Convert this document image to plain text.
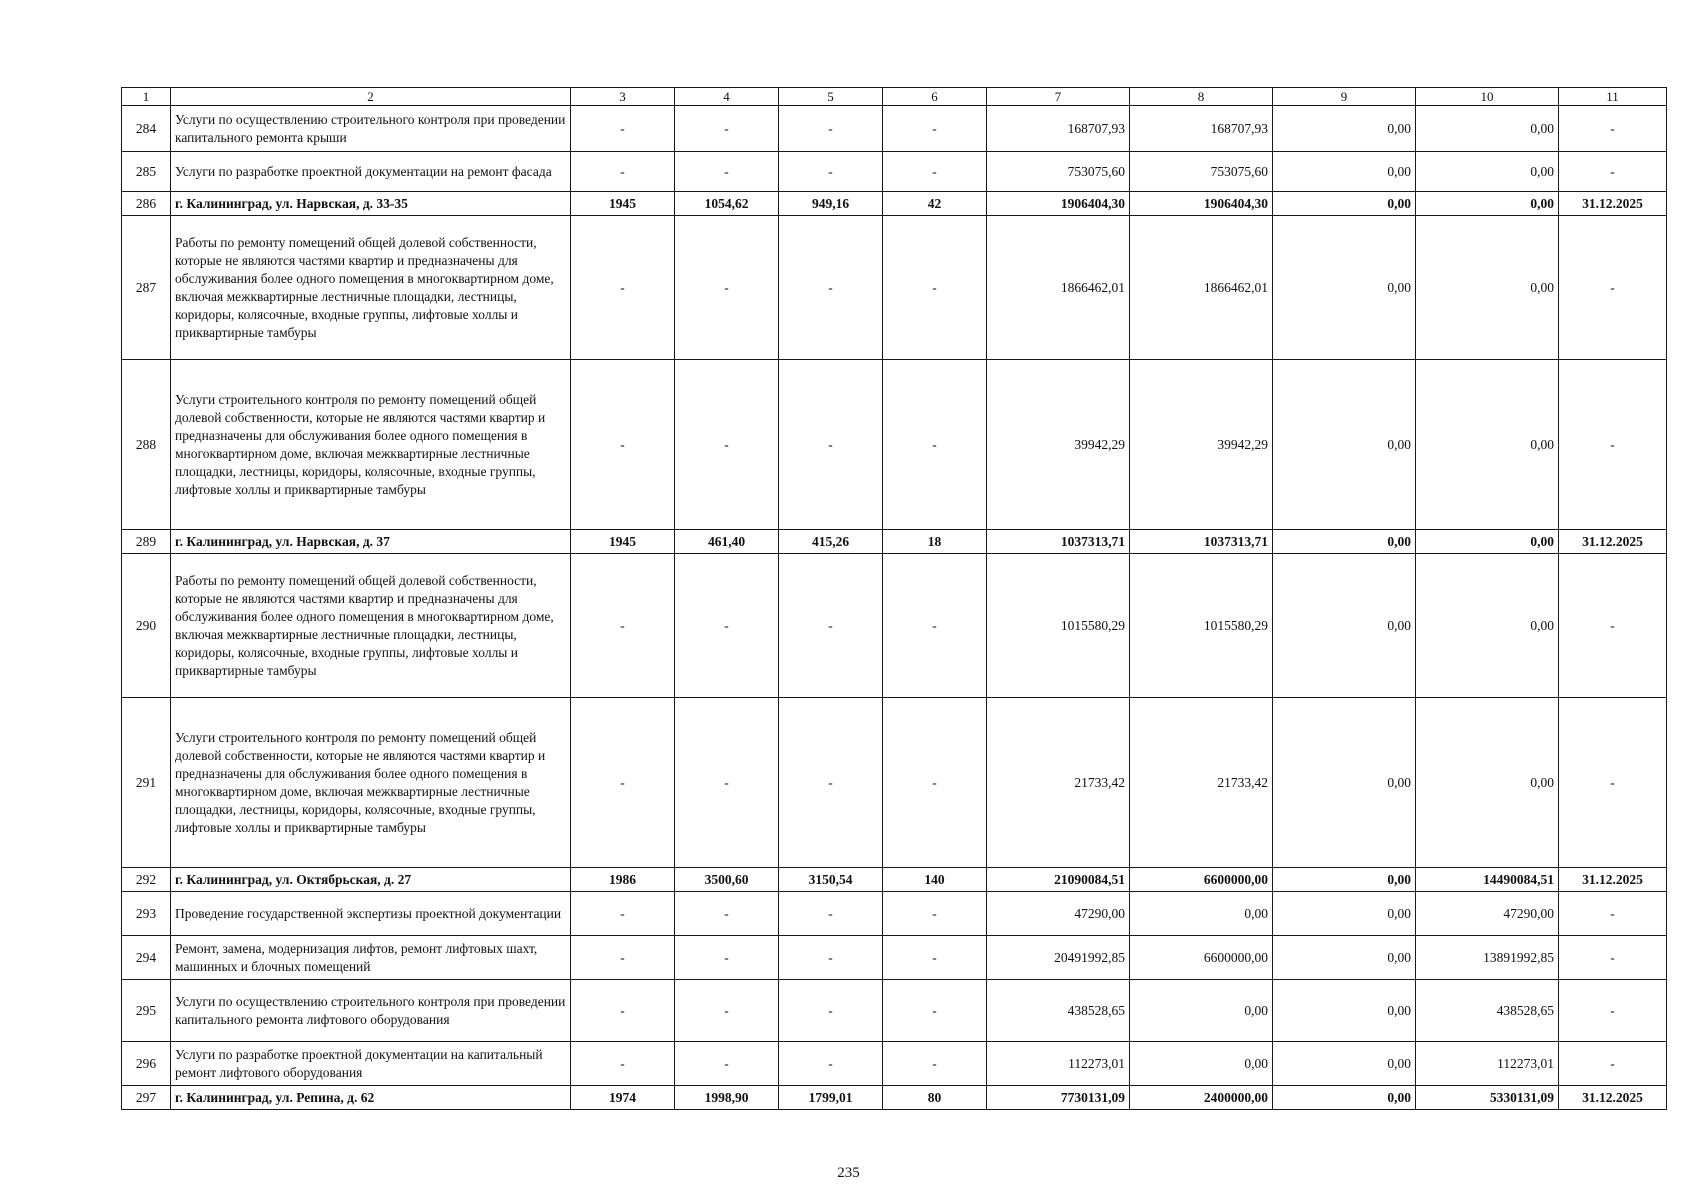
1	2	3	4	5	6	7	8	9	10	11
284	Услуги по осуществлению строительного контроля при проведении капитального ремонта крыши	-	-	-	-	168707,93	168707,93	0,00	0,00	-
285	Услуги по разработке проектной документации на ремонт фасада	-	-	-	-	753075,60	753075,60	0,00	0,00	-
286	г. Калининград, ул. Нарвская, д. 33-35	1945	1054,62	949,16	42	1906404,30	1906404,30	0,00	0,00	31.12.2025
287	Работы по ремонту помещений общей долевой собственности, которые не являются частями квартир и предназначены для обслуживания более одного помещения в многоквартирном доме, включая межквартирные лестничные площадки, лестницы, коридоры, колясочные, входные группы, лифтовые холлы и приквартирные тамбуры	-	-	-	-	1866462,01	1866462,01	0,00	0,00	-
288	Услуги строительного контроля по ремонту помещений общей долевой собственности, которые не являются частями квартир и предназначены для обслуживания более одного помещения в многоквартирном доме, включая межквартирные лестничные площадки, лестницы, коридоры, колясочные, входные группы, лифтовые холлы и приквартирные тамбуры	-	-	-	-	39942,29	39942,29	0,00	0,00	-
289	г. Калининград, ул. Нарвская, д. 37	1945	461,40	415,26	18	1037313,71	1037313,71	0,00	0,00	31.12.2025
290	Работы по ремонту помещений общей долевой собственности, которые не являются частями квартир и предназначены для обслуживания более одного помещения в многоквартирном доме, включая межквартирные лестничные площадки, лестницы, коридоры, колясочные, входные группы, лифтовые холлы и приквартирные тамбуры	-	-	-	-	1015580,29	1015580,29	0,00	0,00	-
291	Услуги строительного контроля по ремонту помещений общей долевой собственности, которые не являются частями квартир и предназначены для обслуживания более одного помещения в многоквартирном доме, включая межквартирные лестничные площадки, лестницы, коридоры, колясочные, входные группы, лифтовые холлы и приквартирные тамбуры	-	-	-	-	21733,42	21733,42	0,00	0,00	-
292	г. Калининград, ул. Октябрьская, д. 27	1986	3500,60	3150,54	140	21090084,51	6600000,00	0,00	14490084,51	31.12.2025
293	Проведение государственной экспертизы проектной документации	-	-	-	-	47290,00	0,00	0,00	47290,00	-
294	Ремонт, замена, модернизация лифтов, ремонт лифтовых шахт, машинных и блочных помещений	-	-	-	-	20491992,85	6600000,00	0,00	13891992,85	-
295	Услуги по осуществлению строительного контроля при проведении капитального ремонта лифтового оборудования	-	-	-	-	438528,65	0,00	0,00	438528,65	-
296	Услуги по разработке проектной документации на капитальный ремонт лифтового оборудования	-	-	-	-	112273,01	0,00	0,00	112273,01	-
297	г. Калининград, ул. Репина, д. 62	1974	1998,90	1799,01	80	7730131,09	2400000,00	0,00	5330131,09	31.12.2025
235
